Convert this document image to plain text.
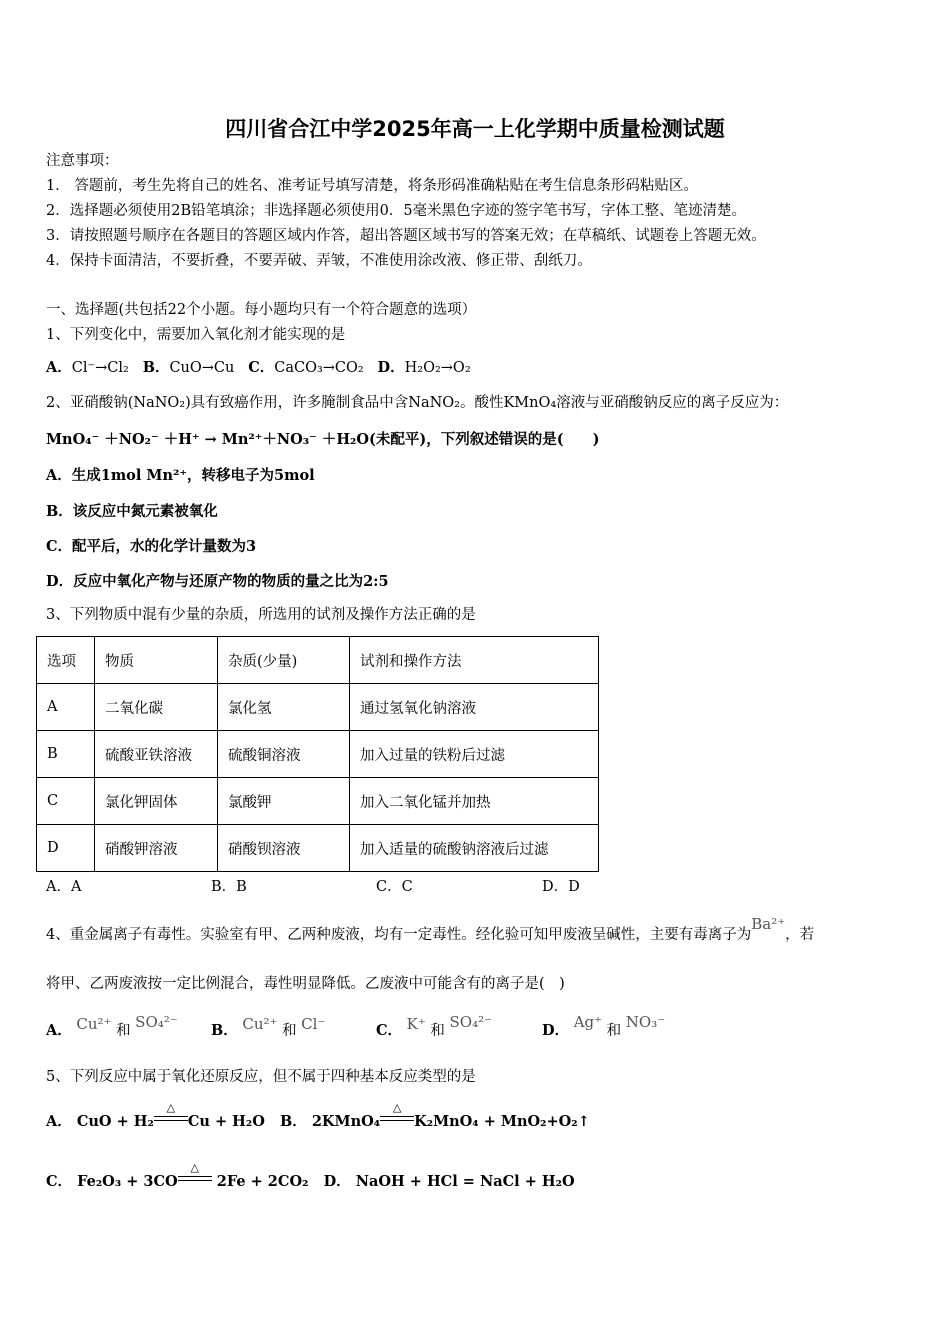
四川省合江中学2025年高一上化学期中质量检测试题
注意事项：
1． 答题前，考生先将自己的姓名、准考证号填写清楚，将条形码准确粘贴在考生信息条形码粘贴区。
2．选择题必须使用2B铅笔填涂；非选择题必须使用0．5毫米黑色字迹的签字笔书写，字体工整、笔迹清楚。
3．请按照题号顺序在各题目的答题区域内作答，超出答题区域书写的答案无效；在草稿纸、试题卷上答题无效。
4．保持卡面清洁，不要折叠，不要弄破、弄皱，不准使用涂改液、修正带、刮纸刀。
一、选择题(共包括22个小题。每小题均只有一个符合题意的选项）
1、下列变化中，需要加入氧化剂才能实现的是
A．Cl⁻→Cl₂ B．CuO→Cu C．CaCO₃→CO₂ D．H₂O₂→O₂
2、亚硝酸钠(NaNO₂)具有致癌作用，许多腌制食品中含NaNO₂。酸性KMnO₄溶液与亚硝酸钠反应的离子反应为：
MnO₄⁻ ＋NO₂⁻ ＋H⁺ → Mn²⁺＋NO₃⁻ ＋H₂O(未配平)，下列叙述错误的是(　　)
A．生成1mol Mn²⁺，转移电子为5mol
B．该反应中氮元素被氧化
C．配平后，水的化学计量数为3
D．反应中氧化产物与还原产物的物质的量之比为2:5
3、下列物质中混有少量的杂质，所选用的试剂及操作方法正确的是
选项	物质	杂质(少量)	试剂和操作方法
A	二氧化碳	氯化氢	通过氢氧化钠溶液
B	硫酸亚铁溶液	硫酸铜溶液	加入过量的铁粉后过滤
C	氯化钾固体	氯酸钾	加入二氧化锰并加热
D	硝酸钾溶液	硝酸钡溶液	加入适量的硫酸钠溶液后过滤
A．A	B．B	C．C	D．D
4、重金属离子有毒性。实验室有甲、乙两种废液，均有一定毒性。经化验可知甲废液呈碱性，主要有毒离子为Ba²⁺，若
将甲、乙两废液按一定比例混合，毒性明显降低。乙废液中可能含有的离子是(　)
A． Cu²⁺ 和 SO₄²⁻ B． Cu²⁺ 和 Cl⁻	C． K⁺ 和 SO₄²⁻	D． Ag⁺ 和 NO₃⁻
5、下列反应中属于氧化还原反应，但不属于四种基本反应类型的是
A． CuO + H₂
△
Cu + H₂O B． 2KMnO₄
△
K₂MnO₄ + MnO₂+O₂↑
C． Fe₂O₃ + 3CO
△
2Fe + 2CO₂ D． NaOH + HCl = NaCl + H₂O
